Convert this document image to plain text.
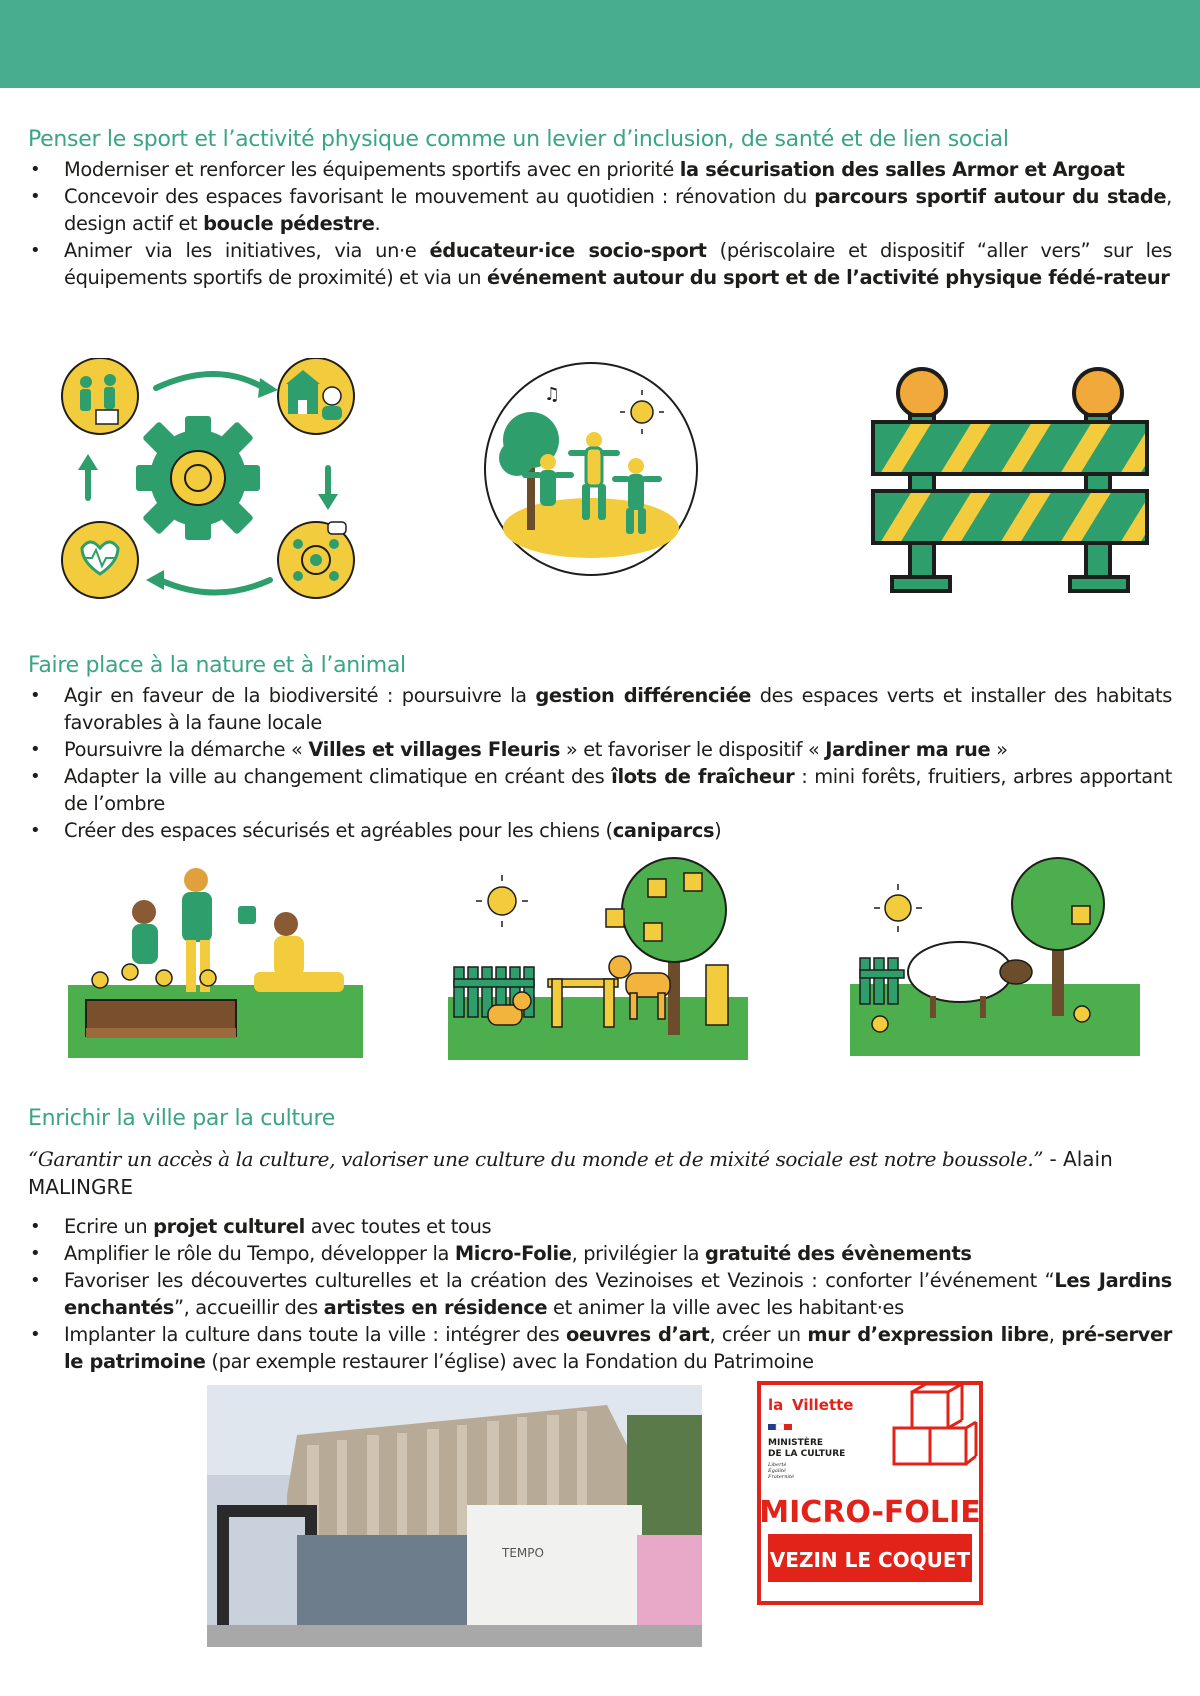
Penser le sport et l’activité physique comme un levier d’inclusion, de santé et de lien social
• Moderniser et renforcer les équipements sportifs avec en priorité la sécurisation des salles Armor et Argoat
• Concevoir des espaces favorisant le mouvement au quotidien : rénovation du parcours sportif autour du stade, design actif et boucle pédestre.
• Animer via les initiatives, via un·e éducateur·ice socio-sport (périscolaire et dispositif “aller vers” sur les équipements sportifs de proximité) et via un événement autour du sport et de l’activité physique fédé-rateur
♫
Faire place à la nature et à l’animal
• Agir en faveur de la biodiversité : poursuivre la gestion différenciée des espaces verts et installer des habitats favorables à la faune locale
• Poursuivre la démarche « Villes et villages Fleuris » et favoriser le dispositif « Jardiner ma rue »
• Adapter la ville au changement climatique en créant des îlots de fraîcheur : mini forêts, fruitiers, arbres apportant de l’ombre
• Créer des espaces sécurisés et agréables pour les chiens (caniparcs)
Enrichir la ville par la culture
“Garantir un accès à la culture, valoriser une culture du monde et de mixité sociale est notre boussole.” - Alain MALINGRE
• Ecrire un projet culturel avec toutes et tous
• Amplifier le rôle du Tempo, développer la Micro-Folie, privilégier la gratuité des évènements
• Favoriser les découvertes culturelles et la création des Vezinoises et Vezinois : conforter l’événement “Les Jardins enchantés”, accueillir des artistes en résidence et animer la ville avec les habitant·es
• Implanter la culture dans toute la ville : intégrer des oeuvres d’art, créer un mur d’expression libre, pré-server le patrimoine (par exemple restaurer l’église) avec la Fondation du Patrimoine
TEMPO
la Villette
MINISTÈRE
DE LA CULTURE
Liberté
Égalité
Fraternité
MICRO-FOLIE
VEZIN LE COQUET
